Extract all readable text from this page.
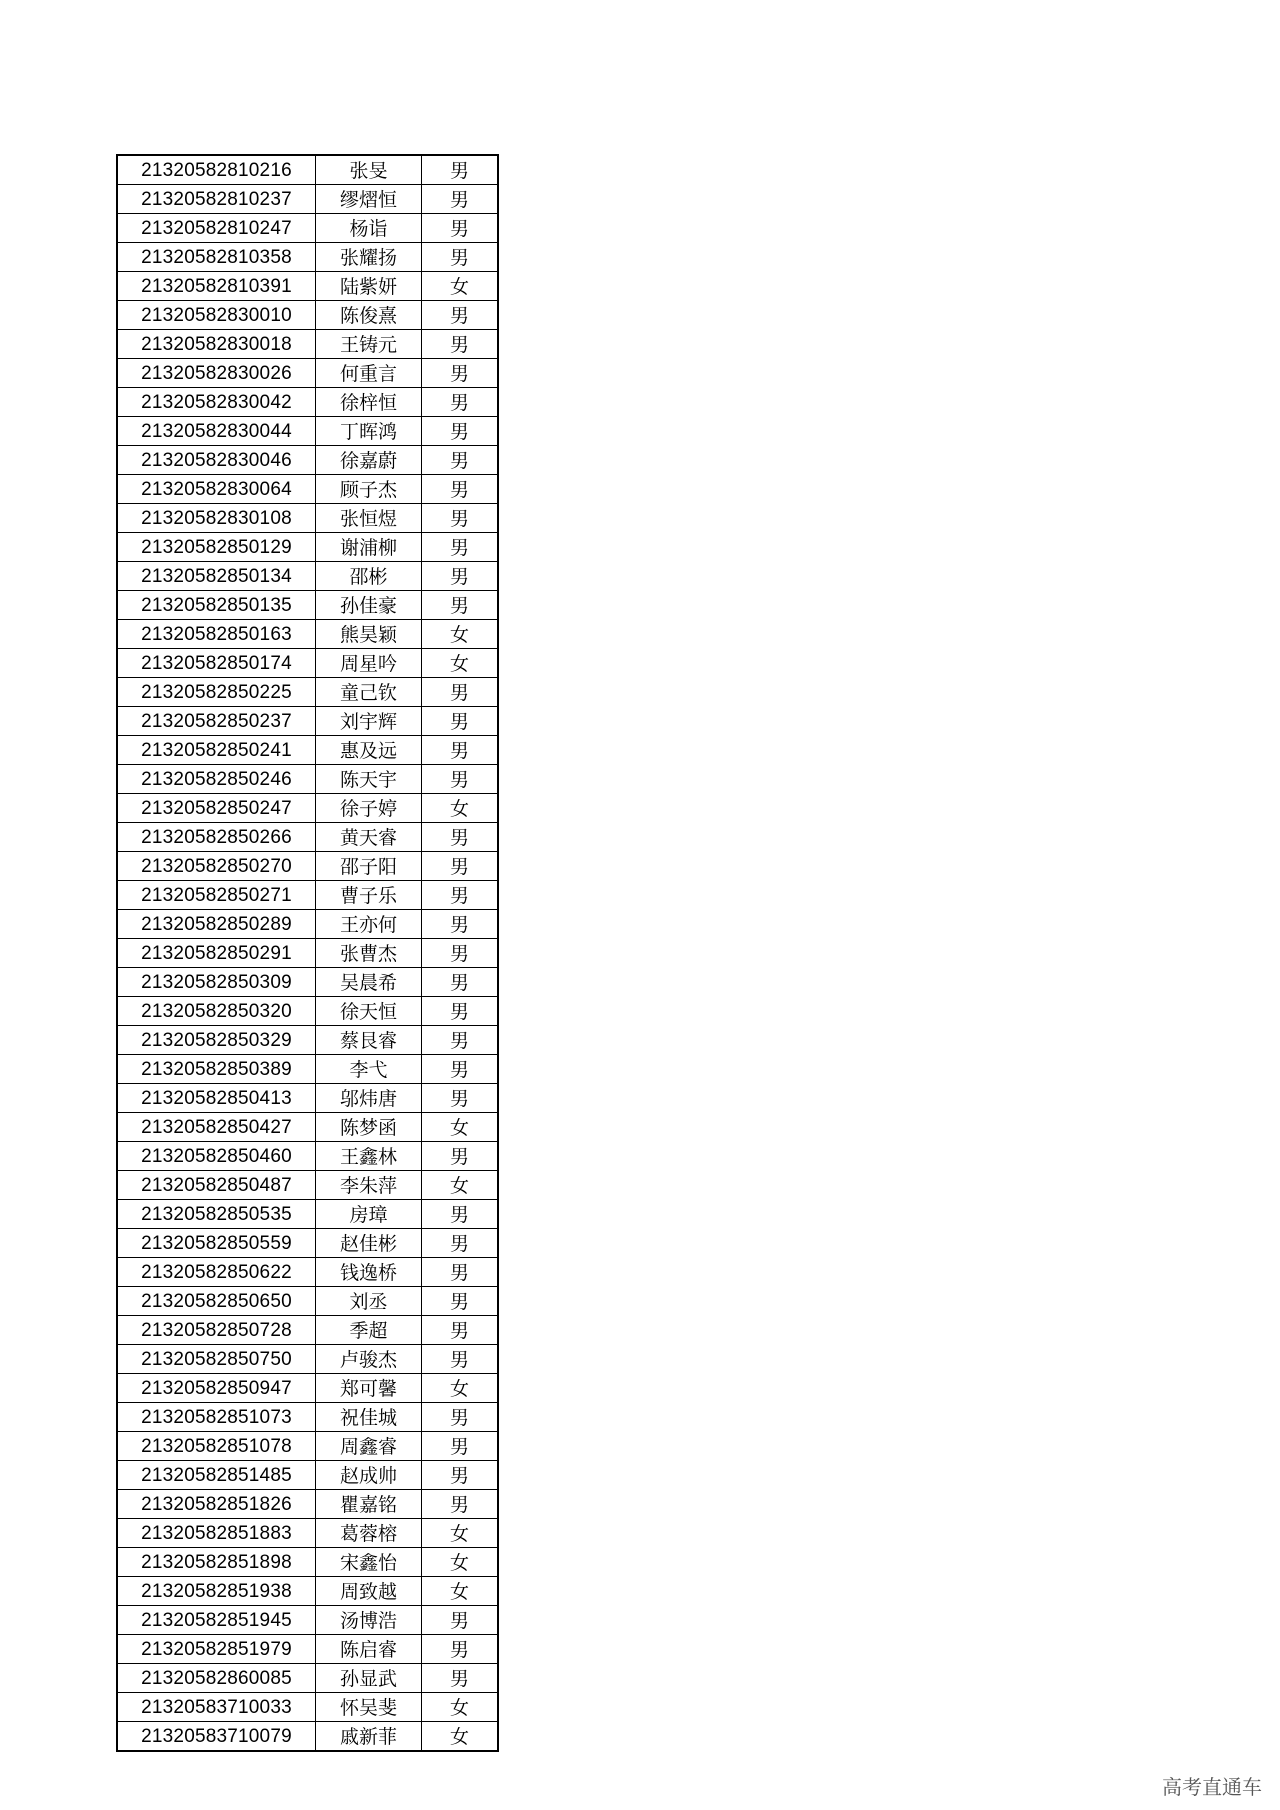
21320582810216	张旻	男
21320582810237	缪熠恒	男
21320582810247	杨诣	男
21320582810358	张耀扬	男
21320582810391	陆紫妍	女
21320582830010	陈俊熹	男
21320582830018	王铸元	男
21320582830026	何重言	男
21320582830042	徐梓恒	男
21320582830044	丁晖鸿	男
21320582830046	徐嘉蔚	男
21320582830064	顾子杰	男
21320582830108	张恒煜	男
21320582850129	谢浦柳	男
21320582850134	邵彬	男
21320582850135	孙佳豪	男
21320582850163	熊昊颖	女
21320582850174	周星吟	女
21320582850225	童己钦	男
21320582850237	刘宇辉	男
21320582850241	惠及远	男
21320582850246	陈天宇	男
21320582850247	徐子婷	女
21320582850266	黄天睿	男
21320582850270	邵子阳	男
21320582850271	曹子乐	男
21320582850289	王亦何	男
21320582850291	张曹杰	男
21320582850309	吴晨希	男
21320582850320	徐天恒	男
21320582850329	蔡艮睿	男
21320582850389	李弋	男
21320582850413	邬炜唐	男
21320582850427	陈梦函	女
21320582850460	王鑫林	男
21320582850487	李朱萍	女
21320582850535	房璋	男
21320582850559	赵佳彬	男
21320582850622	钱逸桥	男
21320582850650	刘丞	男
21320582850728	季超	男
21320582850750	卢骏杰	男
21320582850947	郑可馨	女
21320582851073	祝佳城	男
21320582851078	周鑫睿	男
21320582851485	赵成帅	男
21320582851826	瞿嘉铭	男
21320582851883	葛蓉榕	女
21320582851898	宋鑫怡	女
21320582851938	周致越	女
21320582851945	汤博浩	男
21320582851979	陈启睿	男
21320582860085	孙显武	男
21320583710033	怀吴斐	女
21320583710079	戚新菲	女
高考直通车
